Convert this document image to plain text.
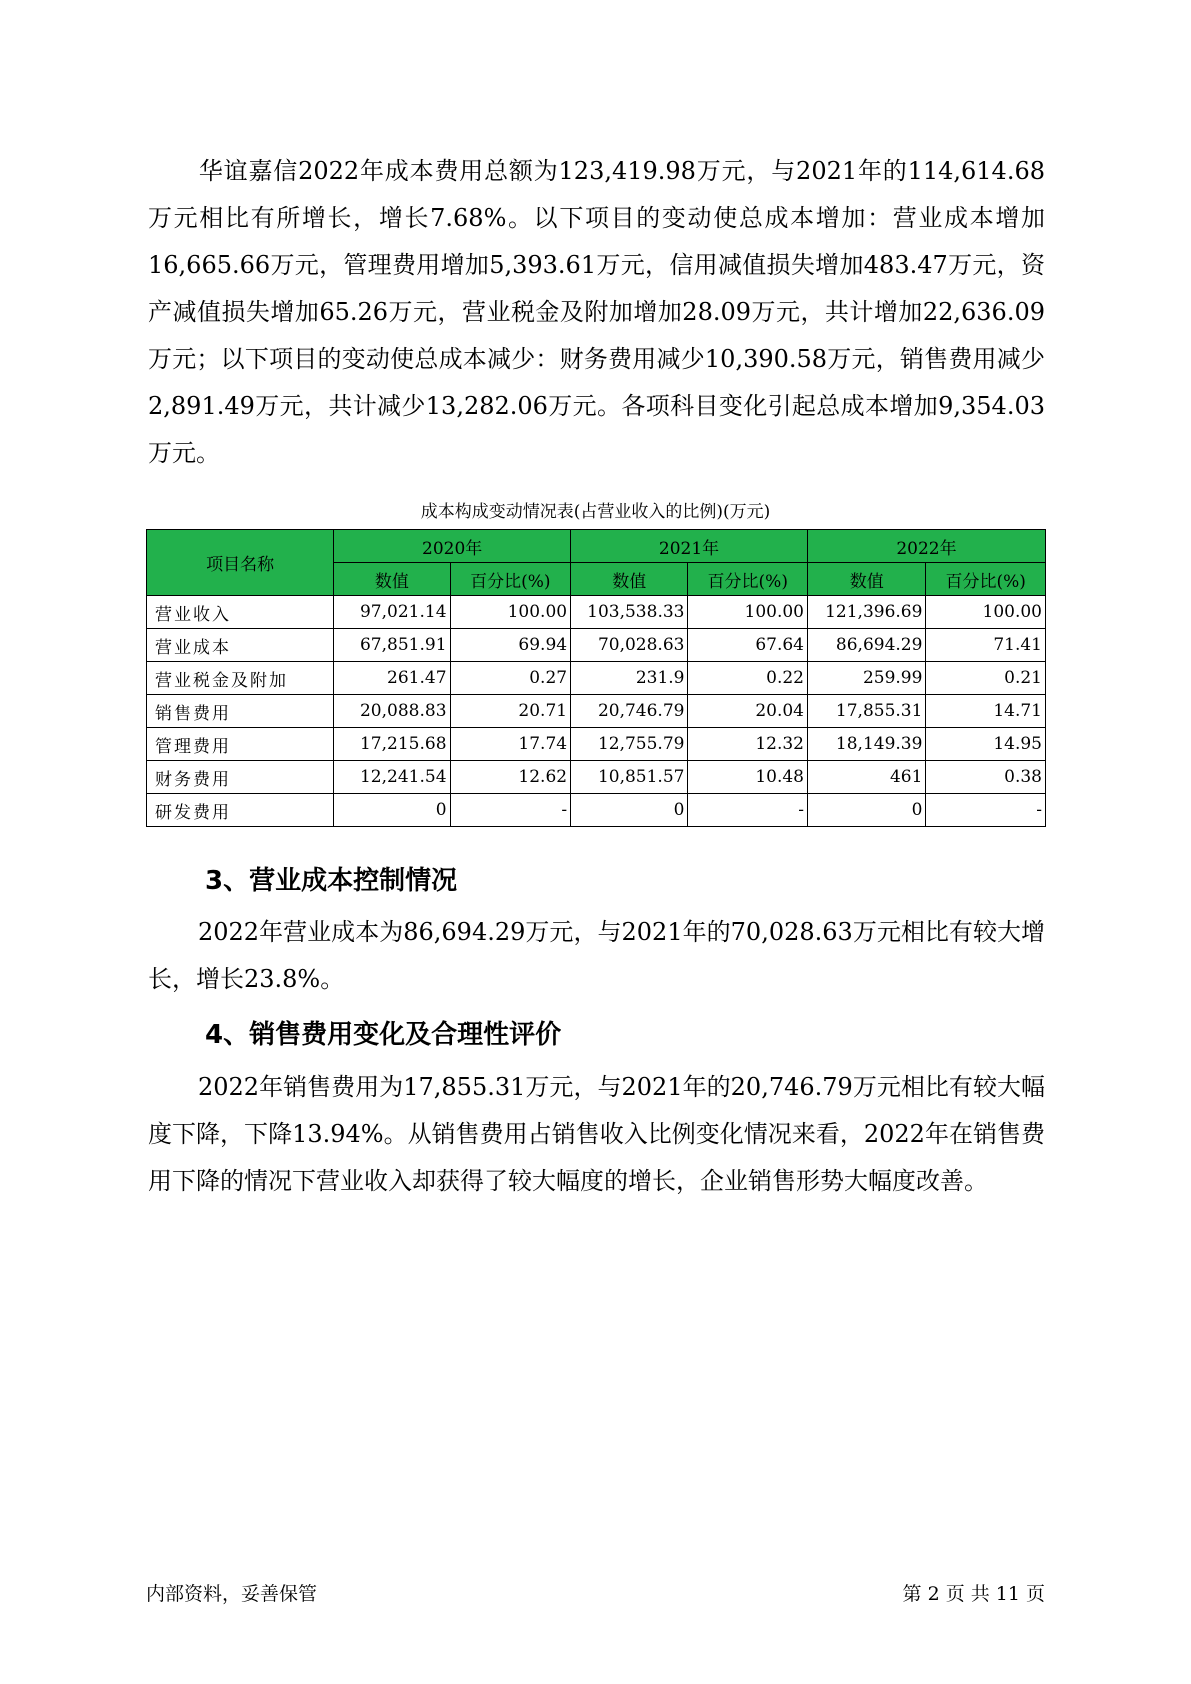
华谊嘉信2022年成本费用总额为123,419.98万元，与2021年的114,614.68万元相比有所增长，增长7.68%。以下项目的变动使总成本增加：营业成本增加16,665.66万元，管理费用增加5,393.61万元，信用减值损失增加483.47万元，资产减值损失增加65.26万元，营业税金及附加增加28.09万元，共计增加22,636.09万元；以下项目的变动使总成本减少：财务费用减少10,390.58万元，销售费用减少2,891.49万元，共计减少13,282.06万元。各项科目变化引起总成本增加9,354.03万元。
成本构成变动情况表(占营业收入的比例)(万元)
项目名称	2020年		2021年		2022年	
	数值	百分比(%)	数值	百分比(%)	数值	百分比(%)
营业收入	97,021.14	100.00	103,538.33	100.00	121,396.69	100.00
营业成本	67,851.91	69.94	70,028.63	67.64	86,694.29	71.41
营业税金及附加	261.47	0.27	231.9	0.22	259.99	0.21
销售费用	20,088.83	20.71	20,746.79	20.04	17,855.31	14.71
管理费用	17,215.68	17.74	12,755.79	12.32	18,149.39	14.95
财务费用	12,241.54	12.62	10,851.57	10.48	461	0.38
研发费用	0	-	0	-	0	-
3、营业成本控制情况
2022年营业成本为86,694.29万元，与2021年的70,028.63万元相比有较大增长，增长23.8%。
4、销售费用变化及合理性评价
2022年销售费用为17,855.31万元，与2021年的20,746.79万元相比有较大幅度下降，下降13.94%。从销售费用占销售收入比例变化情况来看，2022年在销售费用下降的情况下营业收入却获得了较大幅度的增长，企业销售形势大幅度改善。
内部资料，妥善保管	第 2 页 共 11 页
